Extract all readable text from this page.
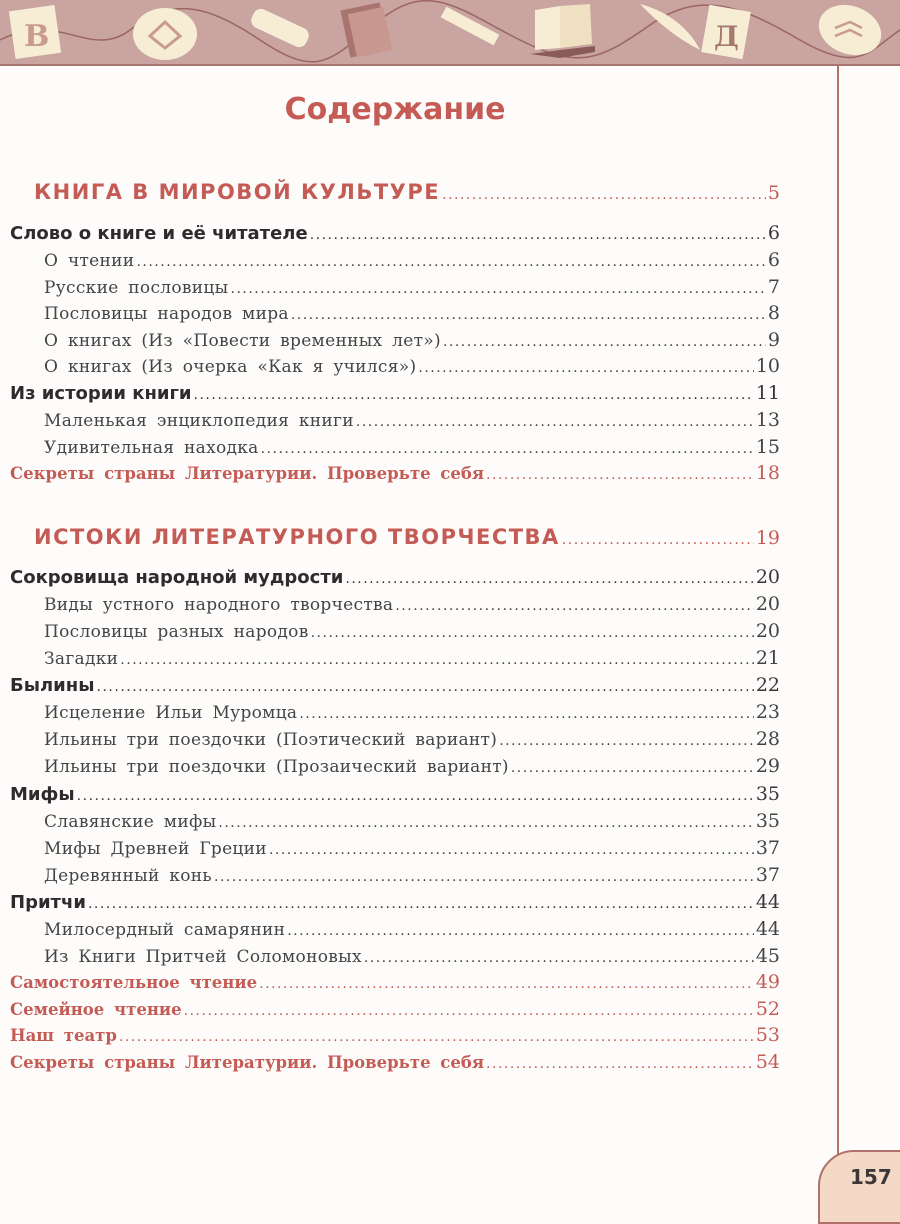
В	Д
Содержание
КНИГА В МИРОВОЙ КУЛЬТУРЕ .....	5
Слово о книге и её читателе .....	6
О чтении .....	6
Русские пословицы .....	7
Пословицы народов мира .....	8
О книгах (Из «Повести временных лет») .....	9
О книгах (Из очерка «Как я учился») .....	10
Из истории книги .....	11
Маленькая энциклопедия книги .....	13
Удивительная находка .....	15
Секреты страны Литературии. Проверьте себя .....	18
ИСТОКИ ЛИТЕРАТУРНОГО ТВОРЧЕСТВА .....	19
Сокровища народной мудрости .....	20
Виды устного народного творчества .....	20
Пословицы разных народов .....	20
Загадки .....	21
Былины .....	22
Исцеление Ильи Муромца .....	23
Ильины три поездочки (Поэтический вариант) .....	28
Ильины три поездочки (Прозаический вариант) .....	29
Мифы .....	35
Славянские мифы .....	35
Мифы Древней Греции .....	37
Деревянный конь .....	37
Притчи .....	44
Милосердный самарянин .....	44
Из Книги Притчей Соломоновых .....	45
Самостоятельное чтение .....	49
Семейное чтение .....	52
Наш театр .....	53
Секреты страны Литературии. Проверьте себя .....	54
157
